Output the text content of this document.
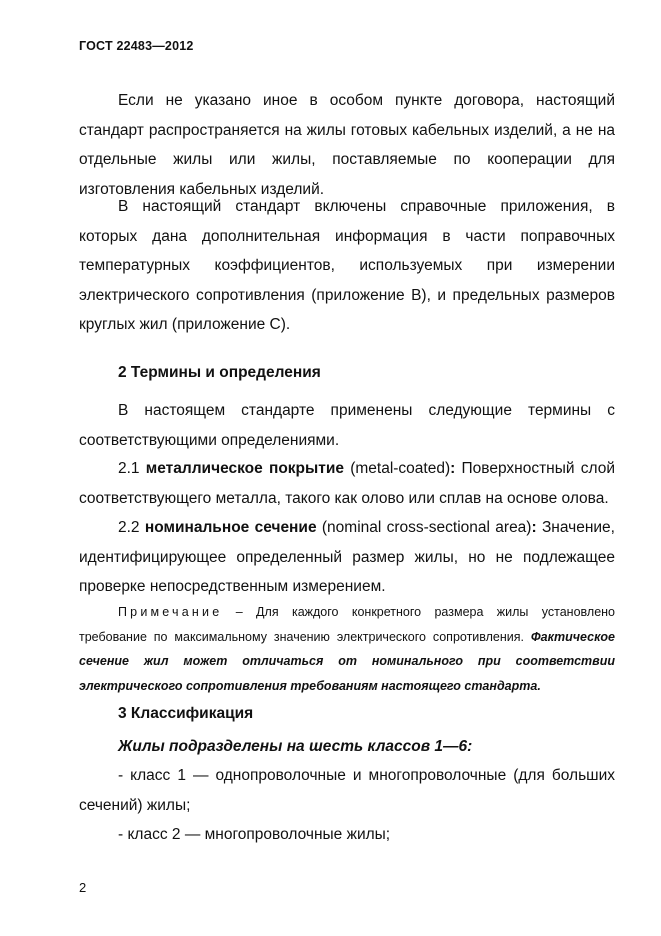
ГОСТ 22483—2012

Если не указано иное в особом пункте договора, настоящий стандарт распространяется на жилы готовых кабельных изделий, а не на отдельные жилы или жилы, поставляемые по кооперации для изготовления кабельных изделий.

В настоящий стандарт включены справочные приложения, в которых дана дополнительная информация в части поправочных температурных коэффициентов, используемых при измерении электрического сопротивления (приложение В), и предельных размеров круглых жил (приложение С).

2 Термины и определения

В настоящем стандарте применены следующие термины с соответствующими определениями.

2.1 металлическое покрытие (metal-coated): Поверхностный слой соответствующего металла, такого как олово или сплав на основе олова.

2.2 номинальное сечение (nominal cross-sectional area): Значение, идентифицирующее определенный размер жилы, но не подлежащее проверке непосредственным измерением.

Примечание – Для каждого конкретного размера жилы установлено требование по максимальному значению электрического сопротивления. Фактическое сечение жил может отличаться от номинального при соответствии электрического сопротивления требованиям настоящего стандарта.

3 Классификация
Жилы подразделены на шесть классов 1—6:

- класс 1 — однопроволочные и многопроволочные (для больших сечений) жилы;

- класс 2 — многопроволочные жилы;

2
